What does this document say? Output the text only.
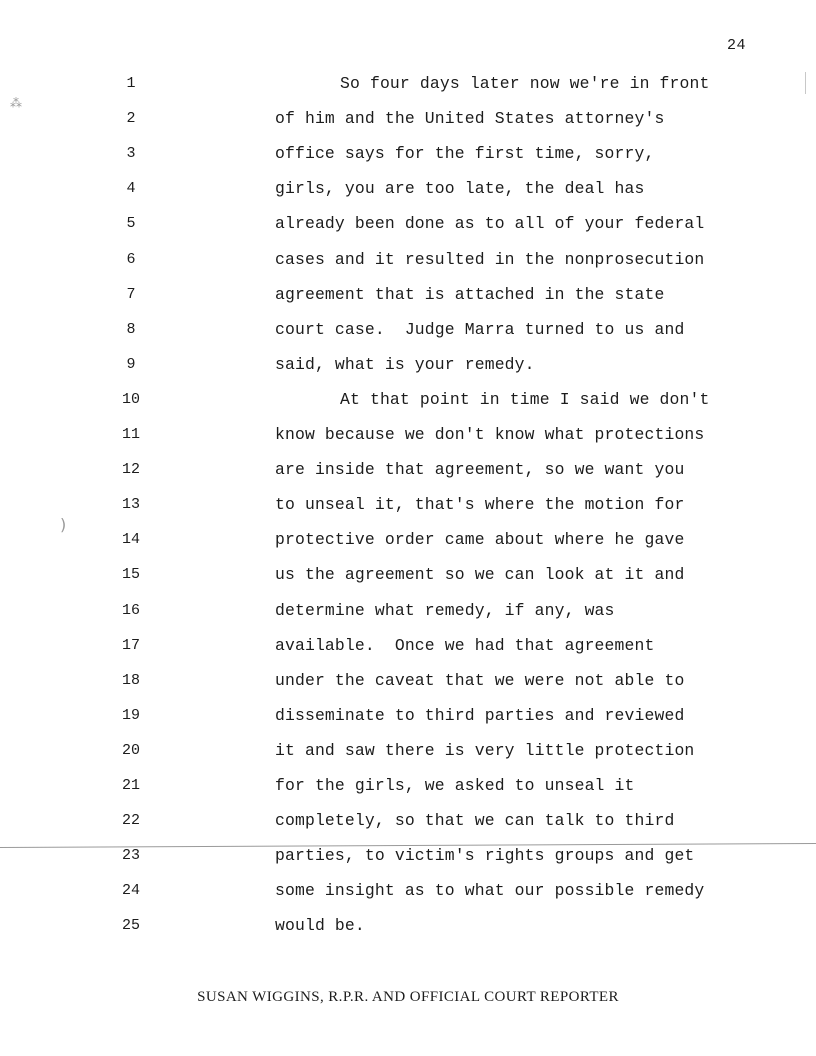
24
⁂
)
1	So four days later now we're in front
2	of him and the United States attorney's
3	office says for the first time, sorry,
4	girls, you are too late, the deal has
5	already been done as to all of your federal
6	cases and it resulted in the nonprosecution
7	agreement that is attached in the state
8	court case.  Judge Marra turned to us and
9	said, what is your remedy.
10	At that point in time I said we don't
11	know because we don't know what protections
12	are inside that agreement, so we want you
13	to unseal it, that's where the motion for
14	protective order came about where he gave
15	us the agreement so we can look at it and
16	determine what remedy, if any, was
17	available.  Once we had that agreement
18	under the caveat that we were not able to
19	disseminate to third parties and reviewed
20	it and saw there is very little protection
21	for the girls, we asked to unseal it
22	completely, so that we can talk to third
23	parties, to victim's rights groups and get
24	some insight as to what our possible remedy
25	would be.
SUSAN WIGGINS, R.P.R. AND OFFICIAL COURT REPORTER
